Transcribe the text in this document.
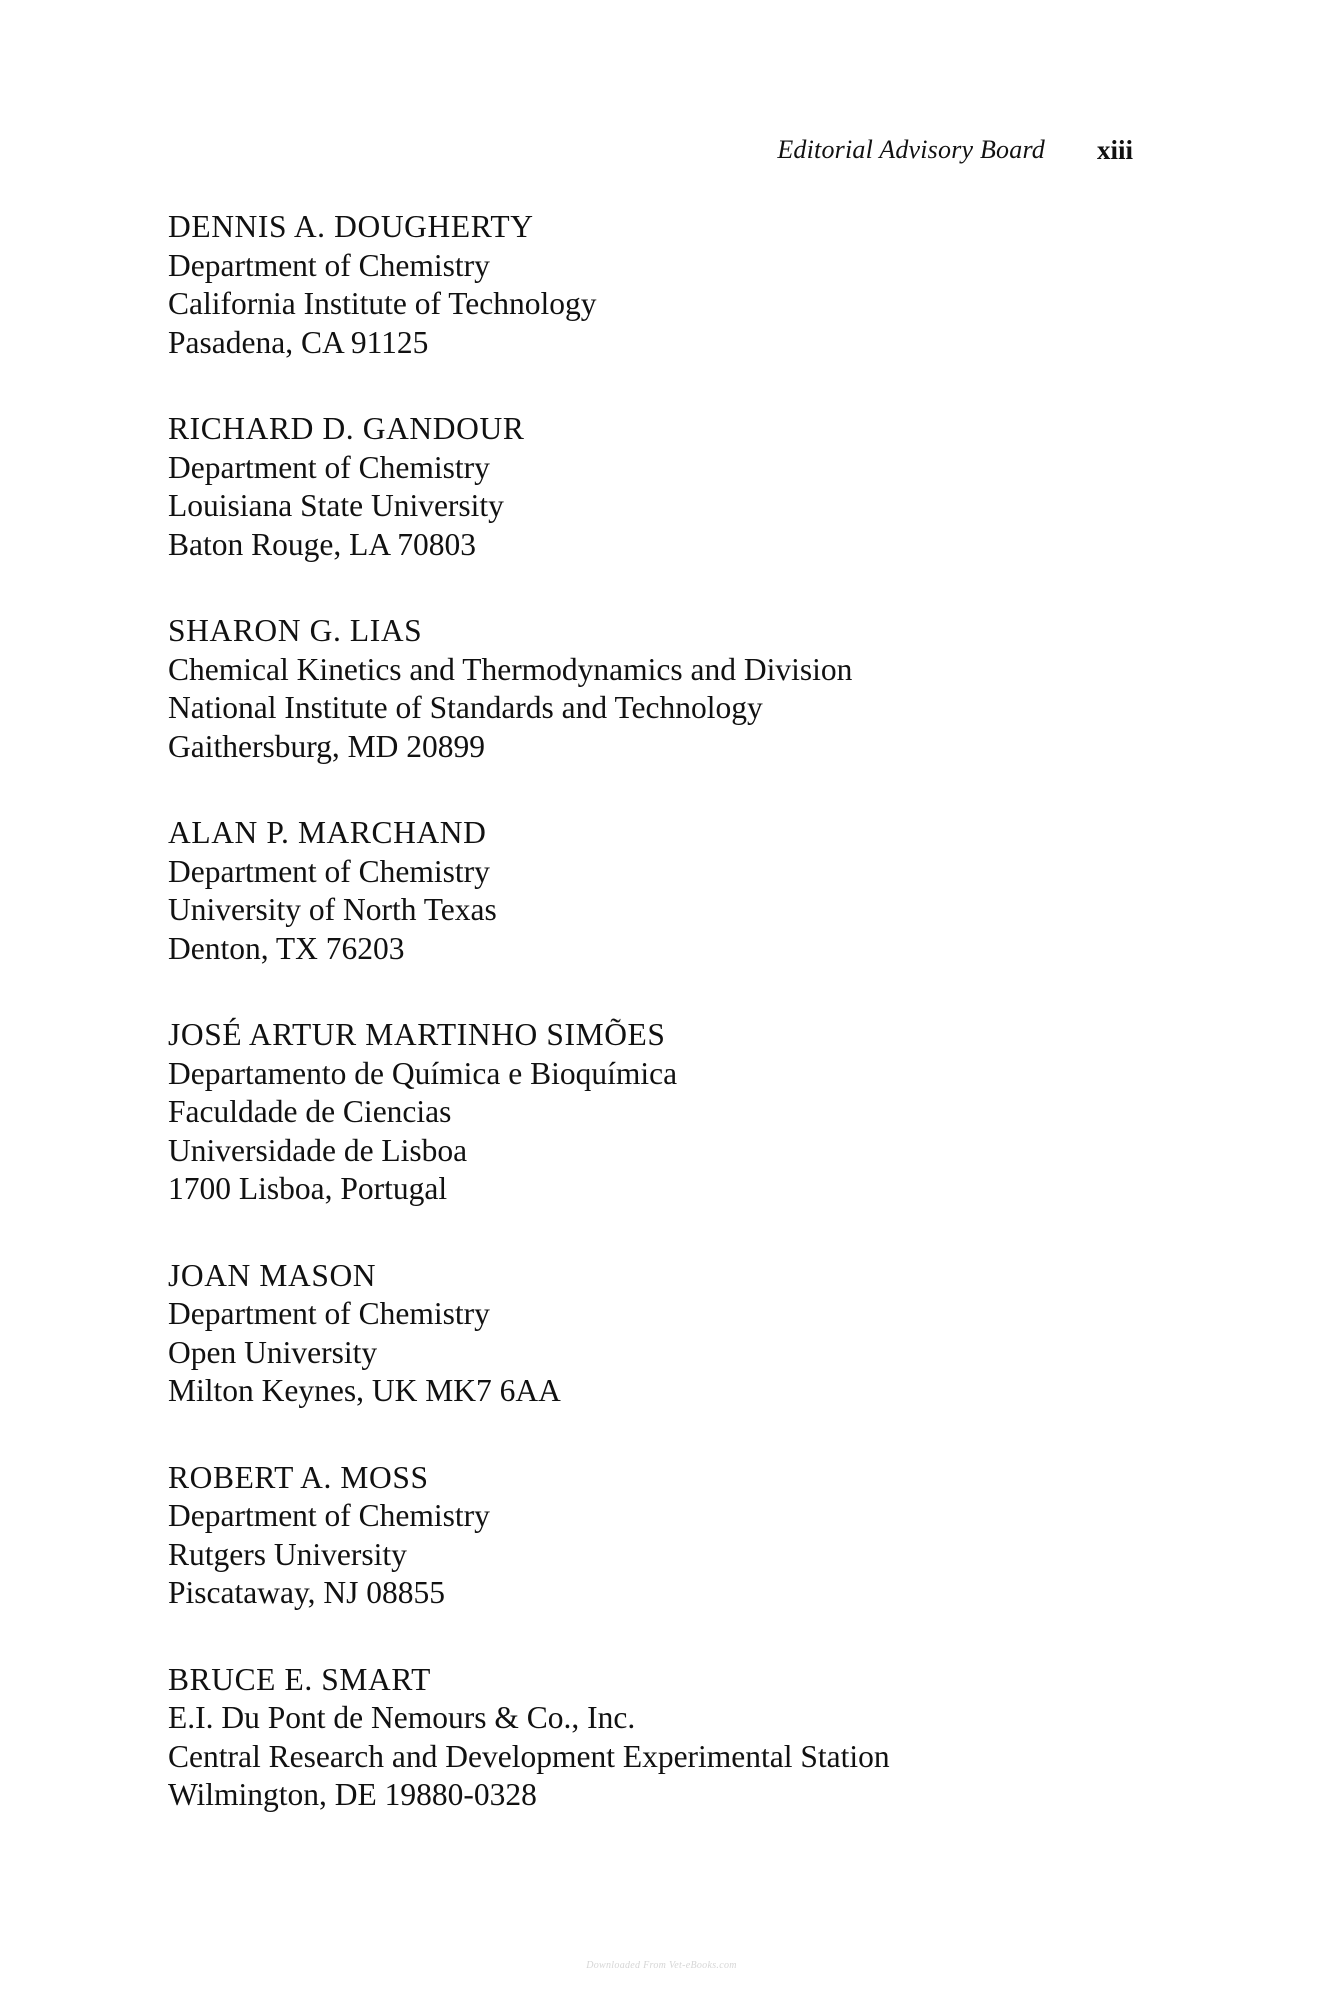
Editorial Advisory Board xiii
DENNIS A. DOUGHERTY
Department of Chemistry
California Institute of Technology
Pasadena, CA 91125
RICHARD D. GANDOUR
Department of Chemistry
Louisiana State University
Baton Rouge, LA 70803
SHARON G. LIAS
Chemical Kinetics and Thermodynamics and Division
National Institute of Standards and Technology
Gaithersburg, MD 20899
ALAN P. MARCHAND
Department of Chemistry
University of North Texas
Denton, TX 76203
JOSÉ ARTUR MARTINHO SIMÕES
Departamento de Química e Bioquímica
Faculdade de Ciencias
Universidade de Lisboa
1700 Lisboa, Portugal
JOAN MASON
Department of Chemistry
Open University
Milton Keynes, UK MK7 6AA
ROBERT A. MOSS
Department of Chemistry
Rutgers University
Piscataway, NJ 08855
BRUCE E. SMART
E.I. Du Pont de Nemours & Co., Inc.
Central Research and Development Experimental Station
Wilmington, DE 19880-0328
Downloaded From Vet-eBooks.com
